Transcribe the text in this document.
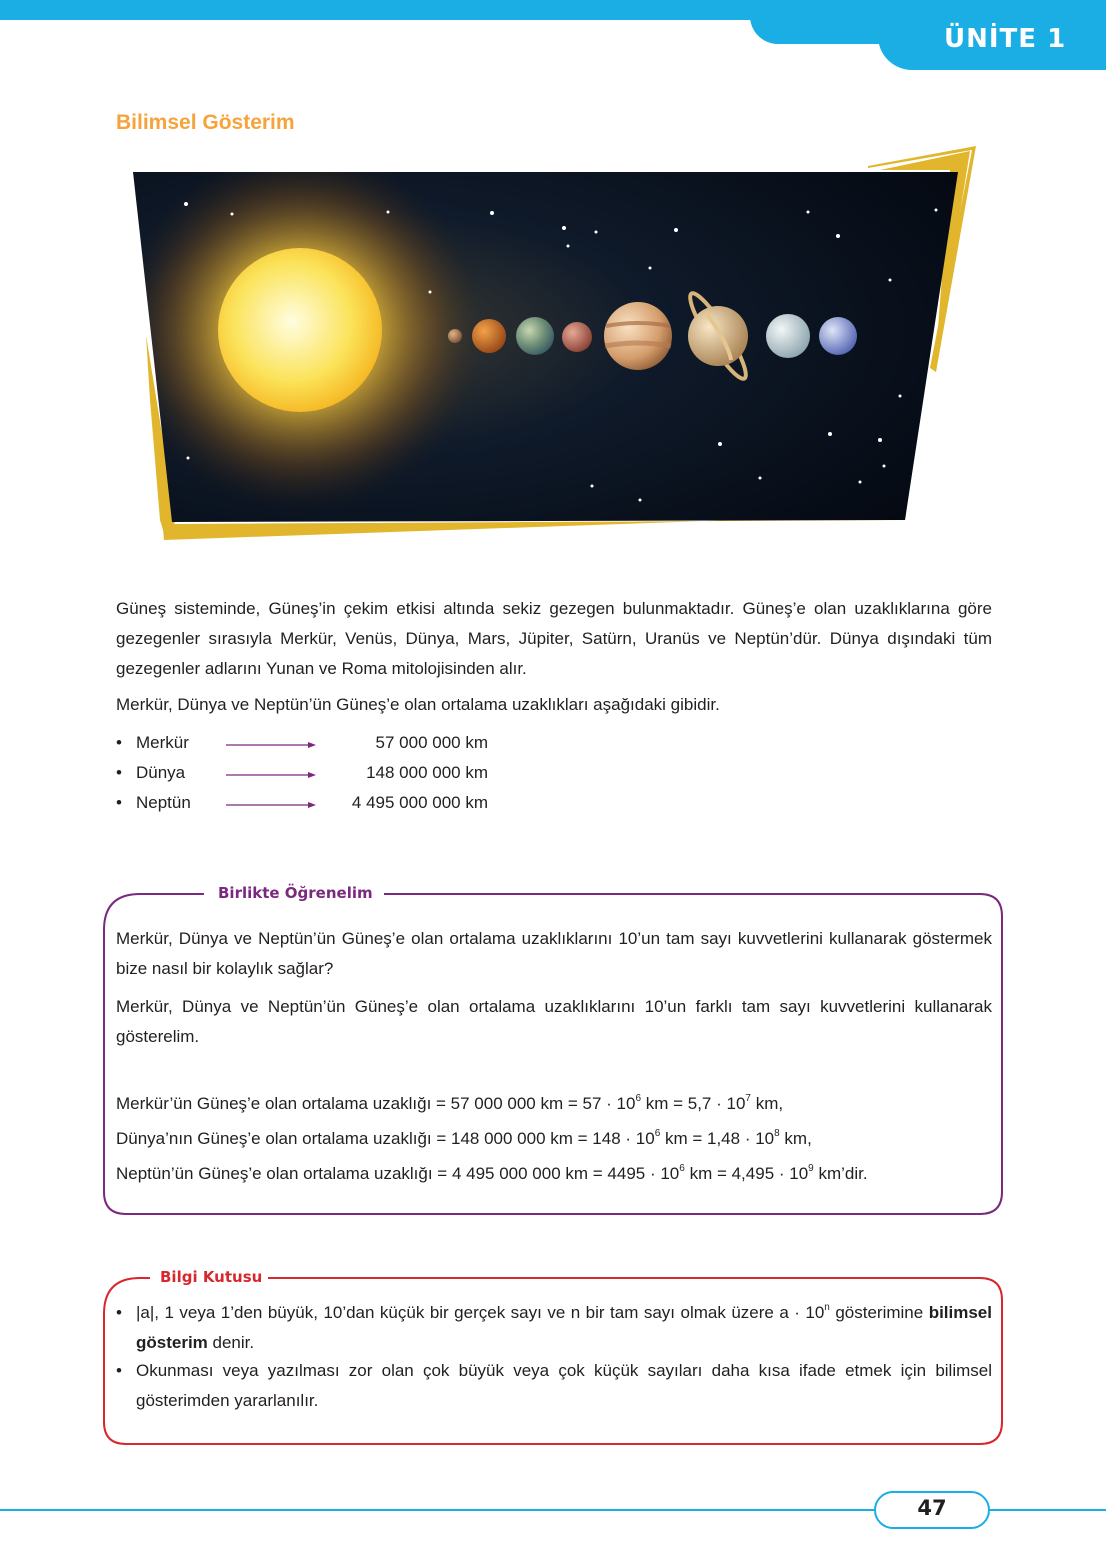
ÜNİTE 1
Bilimsel Gösterim
Güneş sisteminde, Güneş’in çekim etkisi altında sekiz gezegen bulunmaktadır. Güneş’e olan uzaklıklarına göre gezegenler sırasıyla Merkür, Venüs, Dünya, Mars, Jüpiter, Satürn, Uranüs ve Neptün’dür. Dünya dışındaki tüm gezegenler adlarını Yunan ve Roma mitolojisinden alır.
Merkür, Dünya ve Neptün’ün Güneş’e olan ortalama uzaklıkları aşağıdaki gibidir.
• Merkür	57 000 000 km
• Dünya	148 000 000 km
• Neptün	4 495 000 000 km
Birlikte Öğrenelim
Merkür, Dünya ve Neptün’ün Güneş’e olan ortalama uzaklıklarını 10’un tam sayı kuvvetlerini kullanarak göstermek bize nasıl bir kolaylık sağlar?
Merkür, Dünya ve Neptün’ün Güneş’e olan ortalama uzaklıklarını 10’un farklı tam sayı kuvvetlerini kullanarak gösterelim.
Merkür’ün Güneş’e olan ortalama uzaklığı = 57 000 000 km = $57 \cdot 10^6$ km = $5,7 \cdot 10^7$ km,
Dünya’nın Güneş’e olan ortalama uzaklığı = 148 000 000 km = $148 \cdot 10^6$ km = $1,48 \cdot 10^8$ km,
Neptün’ün Güneş’e olan ortalama uzaklığı = 4 495 000 000 km = $4495 \cdot 10^6$ km = $4,495 \cdot 10^9$ km’dir.
Bilgi Kutusu
• |a|, 1 veya 1’den büyük, 10’dan küçük bir gerçek sayı ve n bir tam sayı olmak üzere $a \cdot 10^n$ gösterimine bilimsel gösterim denir.
• Okunması veya yazılması zor olan çok büyük veya çok küçük sayıları daha kısa ifade etmek için bilimsel gösterimden yararlanılır.
47
